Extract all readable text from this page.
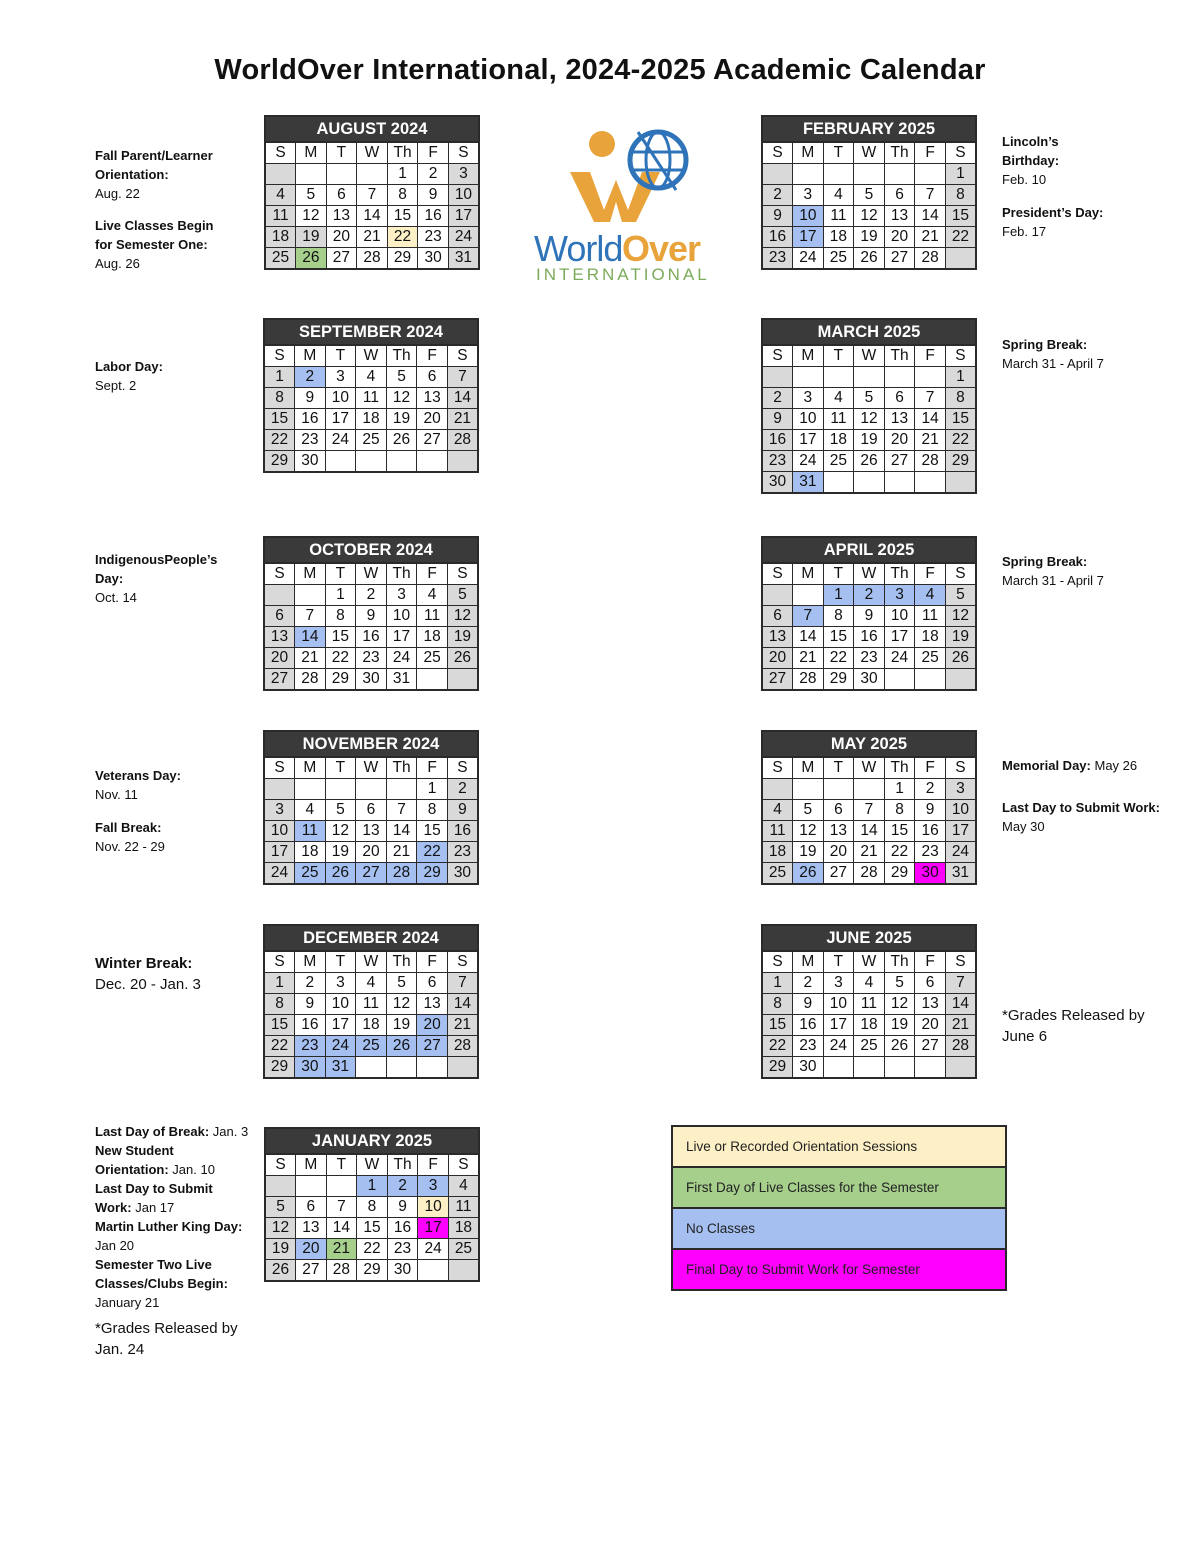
WorldOver International, 2024-2025 Academic Calendar
World Over
INTERNATIONAL
AUGUST 2024
S	M	T	W	Th	F	S
				1	2	3
4	5	6	7	8	9	10
11	12	13	14	15	16	17
18	19	20	21	22	23	24
25	26	27	28	29	30	31
SEPTEMBER 2024
S	M	T	W	Th	F	S
1	2	3	4	5	6	7
8	9	10	11	12	13	14
15	16	17	18	19	20	21
22	23	24	25	26	27	28
29	30					
OCTOBER 2024
S	M	T	W	Th	F	S
		1	2	3	4	5
6	7	8	9	10	11	12
13	14	15	16	17	18	19
20	21	22	23	24	25	26
27	28	29	30	31		
NOVEMBER 2024
S	M	T	W	Th	F	S
					1	2
3	4	5	6	7	8	9
10	11	12	13	14	15	16
17	18	19	20	21	22	23
24	25	26	27	28	29	30
DECEMBER 2024
S	M	T	W	Th	F	S
1	2	3	4	5	6	7
8	9	10	11	12	13	14
15	16	17	18	19	20	21
22	23	24	25	26	27	28
29	30	31				
JANUARY 2025
S	M	T	W	Th	F	S
			1	2	3	4
5	6	7	8	9	10	11
12	13	14	15	16	17	18
19	20	21	22	23	24	25
26	27	28	29	30		
FEBRUARY 2025
S	M	T	W	Th	F	S
						1
2	3	4	5	6	7	8
9	10	11	12	13	14	15
16	17	18	19	20	21	22
23	24	25	26	27	28	
MARCH 2025
S	M	T	W	Th	F	S
						1
2	3	4	5	6	7	8
9	10	11	12	13	14	15
16	17	18	19	20	21	22
23	24	25	26	27	28	29
30	31					
APRIL 2025
S	M	T	W	Th	F	S
		1	2	3	4	5
6	7	8	9	10	11	12
13	14	15	16	17	18	19
20	21	22	23	24	25	26
27	28	29	30			
MAY 2025
S	M	T	W	Th	F	S
				1	2	3
4	5	6	7	8	9	10
11	12	13	14	15	16	17
18	19	20	21	22	23	24
25	26	27	28	29	30	31
JUNE 2025
S	M	T	W	Th	F	S
1	2	3	4	5	6	7
8	9	10	11	12	13	14
15	16	17	18	19	20	21
22	23	24	25	26	27	28
29	30					
Fall Parent/Learner
Orientation:
Aug. 22

Live Classes Begin
for Semester One:
Aug. 26
Labor Day:
Sept. 2
IndigenousPeople’s
Day:
Oct. 14
Veterans Day:
Nov. 11

Fall Break:
Nov. 22 - 29
Winter Break:
Dec. 20 - Jan. 3
Last Day of Break: Jan. 3
New Student
Orientation: Jan. 10
Last Day to Submit
Work: Jan 17
Martin Luther King Day:
Jan 20
Semester Two Live
Classes/Clubs Begin:
January 21

*Grades Released by
Jan. 24
Lincoln’s
Birthday:
Feb. 10

President’s Day:
Feb. 17
Spring Break:
March 31 - April 7
Spring Break:
March 31 - April 7
Memorial Day: May 26

Last Day to Submit Work:
May 30
*Grades Released by
June 6
Live or Recorded Orientation Sessions
First Day of Live Classes for the Semester
No Classes
Final Day to Submit Work for Semester
